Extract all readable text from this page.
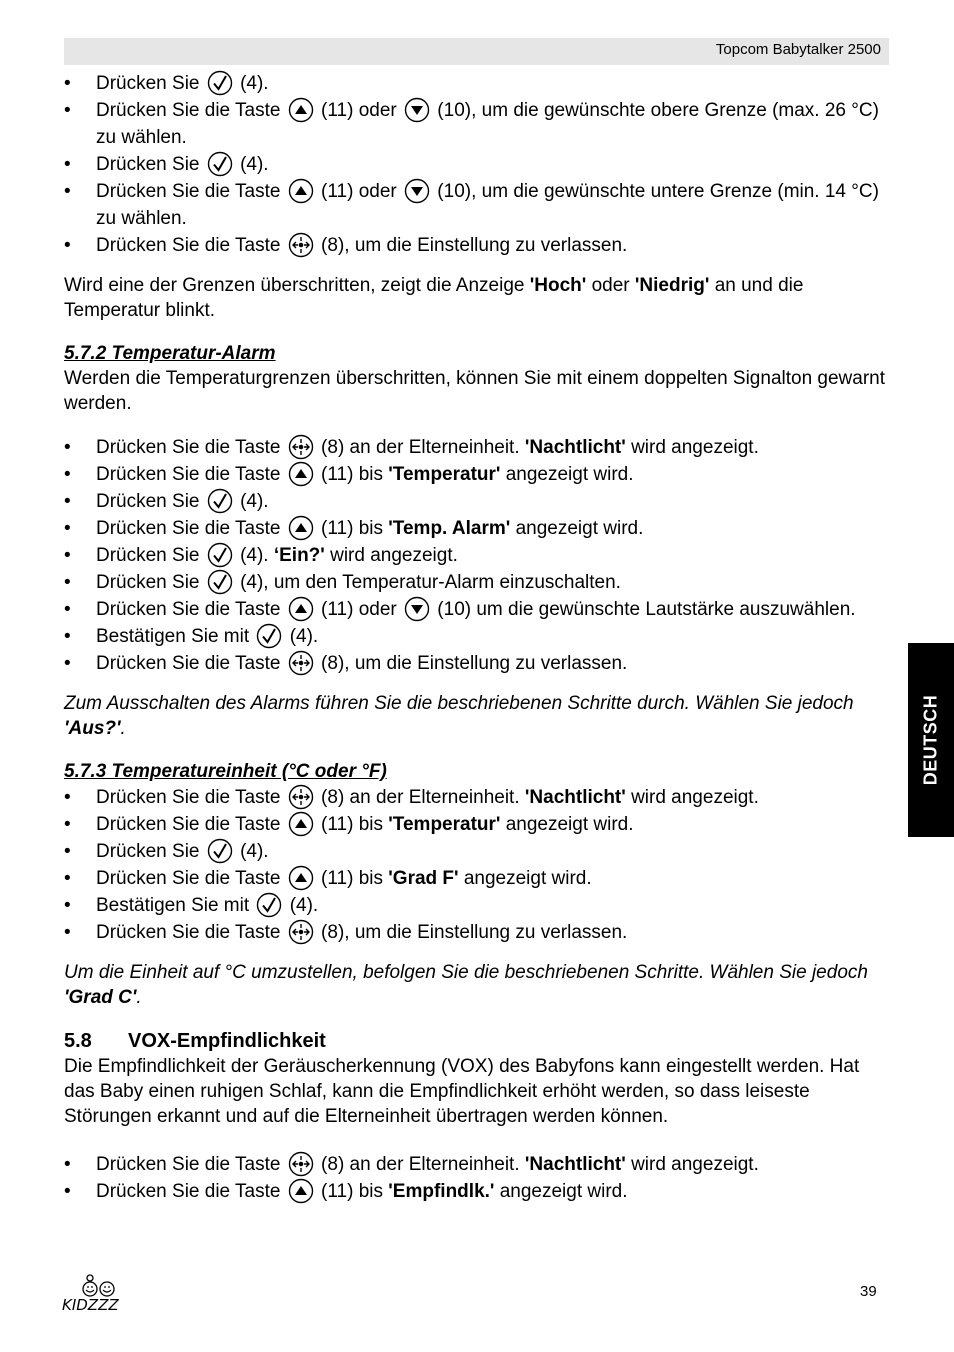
Topcom Babytalker 2500
• Drücken Sie (4).
• Drücken Sie die Taste (11) oder (10), um die gewünschte obere Grenze (max. 26 °C) zu wählen.
• Drücken Sie (4).
• Drücken Sie die Taste (11) oder (10), um die gewünschte untere Grenze (min. 14 °C) zu wählen.
• Drücken Sie die Taste (8), um die Einstellung zu verlassen.

Wird eine der Grenzen überschritten, zeigt die Anzeige 'Hoch' oder 'Niedrig' an und die Temperatur blinkt.

5.7.2 Temperatur-Alarm

Werden die Temperaturgrenzen überschritten, können Sie mit einem doppelten Signalton gewarnt werden.

• Drücken Sie die Taste (8) an der Elterneinheit. 'Nachtlicht' wird angezeigt.
• Drücken Sie die Taste (11) bis 'Temperatur' angezeigt wird.
• Drücken Sie (4).
• Drücken Sie die Taste (11) bis 'Temp. Alarm' angezeigt wird.
• Drücken Sie (4). ‘Ein?' wird angezeigt.
• Drücken Sie (4), um den Temperatur-Alarm einzuschalten.
• Drücken Sie die Taste (11) oder (10) um die gewünschte Lautstärke auszuwählen.
• Bestätigen Sie mit (4).
• Drücken Sie die Taste (8), um die Einstellung zu verlassen.

Zum Ausschalten des Alarms führen Sie die beschriebenen Schritte durch. Wählen Sie jedoch 'Aus?'.

5.7.3 Temperatureinheit (°C oder °F)

• Drücken Sie die Taste (8) an der Elterneinheit. 'Nachtlicht' wird angezeigt.
• Drücken Sie die Taste (11) bis 'Temperatur' angezeigt wird.
• Drücken Sie (4).
• Drücken Sie die Taste (11) bis 'Grad F' angezeigt wird.
• Bestätigen Sie mit (4).
• Drücken Sie die Taste (8), um die Einstellung zu verlassen.

Um die Einheit auf °C umzustellen, befolgen Sie die beschriebenen Schritte. Wählen Sie jedoch 'Grad C'.

5.8 VOX-Empfindlichkeit

Die Empfindlichkeit der Geräuscherkennung (VOX) des Babyfons kann eingestellt werden. Hat das Baby einen ruhigen Schlaf, kann die Empfindlichkeit erhöht werden, so dass leiseste Störungen erkannt und auf die Elterneinheit übertragen werden können.

• Drücken Sie die Taste (8) an der Elterneinheit. 'Nachtlicht' wird angezeigt.
• Drücken Sie die Taste (11) bis 'Empfindlk.' angezeigt wird.
DEUTSCH
KIDZZZ
39
